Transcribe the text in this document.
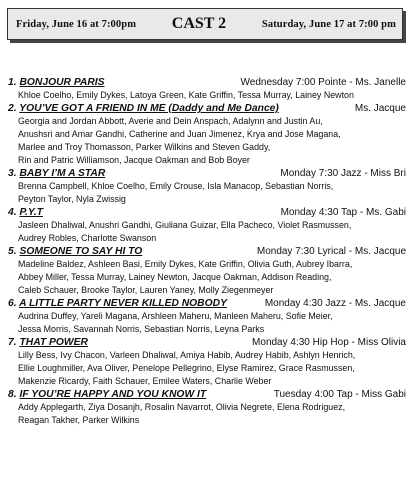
Friday, June 16 at 7:00pm CAST 2	Saturday, June 17 at 7:00 pm
1. BONJOUR PARIS	Wednesday 7:00 Pointe - Ms. Janelle
Khloe Coelho, Emily Dykes, Latoya Green, Kate Griffin, Tessa Murray, Lainey Newton
2. YOU’VE GOT A FRIEND IN ME (Daddy and Me Dance)	Ms. Jacque
Georgia and Jordan Abbott, Averie and Dein Anspach, Adalynn and Justin Au,
Anushsri and Amar Gandhi, Catherine and Juan Jimenez, Krya and Jose Magana,
Marlee and Troy Thomasson, Parker Wilkins and Steven Gaddy,
Rin and Patric Williamson, Jacque Oakman and Bob Boyer
3. BABY I’M A STAR	Monday 7:30 Jazz - Miss Bri
Brenna Campbell, Khloe Coelho, Emily Crouse, Isla Manacop, Sebastian Norris,
Peyton Taylor, Nyla Zwissig
4. P.Y.T	Monday 4:30 Tap - Ms. Gabi
Jasleen Dhaliwal, Anushri Gandhi, Giuliana Guizar, Ella Pacheco, Violet Rasmussen,
Audrey Robles, Charlotte Swanson
5. SOMEONE TO SAY HI TO	Monday 7:30 Lyrical - Ms. Jacque
Madeline Baldez, Ashleen Basi, Emily Dykes, Kate Griffin, Olivia Guth, Aubrey Ibarra,
Abbey Miller, Tessa Murray, Lainey Newton, Jacque Oakman, Addison Reading,
Caleb Schauer, Brooke Taylor, Lauren Yaney, Molly Ziegenmeyer
6. A LITTLE PARTY NEVER KILLED NOBODY	Monday 4:30 Jazz - Ms. Jacque
Audrina Duffey, Yareli Magana, Arshleen Maheru, Manleen Maheru, Sofie Meier,
Jessa Morris, Savannah Norris, Sebastian Norris, Leyna Parks
7. THAT POWER	Monday 4:30 Hip Hop - Miss Olivia
Lilly Bess, Ivy Chacon, Varleen Dhaliwal, Amiya Habib, Audrey Habib, Ashlyn Henrich,
Ellie Loughmiller, Ava Oliver, Penelope Pellegrino, Elyse Ramirez, Grace Rasmussen,
Makenzie Ricardy, Faith Schauer, Emilee Waters, Charlie Weber
8. IF YOU’RE HAPPY AND YOU KNOW IT	Tuesday 4:00 Tap - Miss Gabi
Addy Applegarth, Ziya Dosanjh, Rosalin Navarrot, Olivia Negrete, Elena Rodriguez,
Reagan Takher, Parker Wilkins
